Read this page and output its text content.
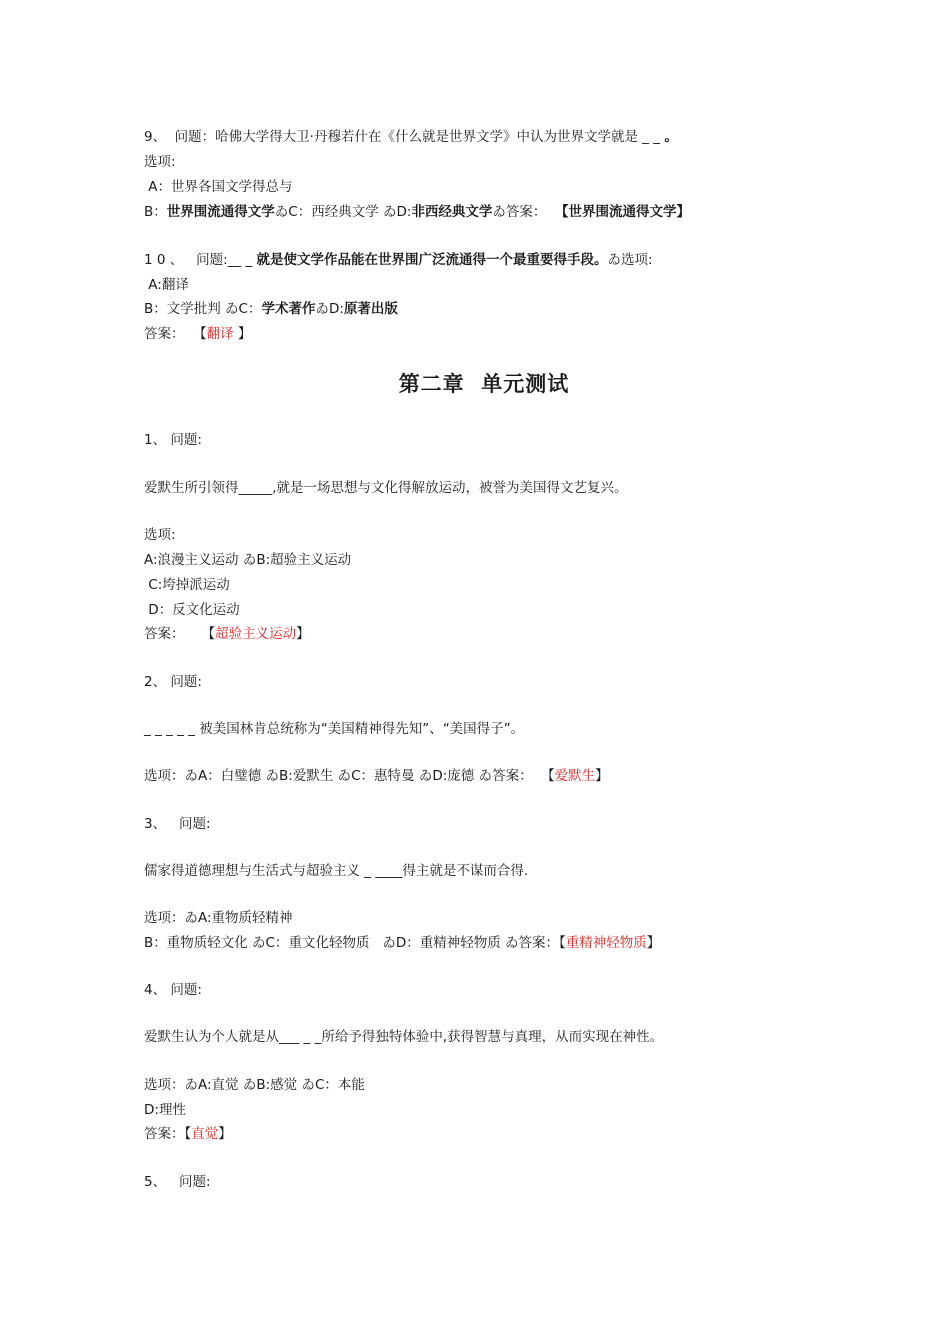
9、  问题：哈佛大学得大卫·丹穆若什在《什么就是世界文学》中认为世界文学就是 _ _ 。
选项:
A：世界各国文学得总与
B：世界围流通得文学ゐC：西经典文学 ゐD:非西经典文学ゐ答案：  【世界围流通得文学】
1 0 、   问题:__ _ 就是使文学作品能在世界围广泛流通得一个最重要得手段。ゐ选项:
A:翻译
B：文学批判 ゐC：学术著作ゐD:原著出版
答案：  【翻译 】
第二章  单元测试
1、 问题:
爱默生所引领得_____,就是一场思想与文化得解放运动，被誉为美国得文艺复兴。
选项:
A:浪漫主义运动 ゐB:超验主义运动
C:垮掉派运动
D：反文化运动
答案：    【超验主义运动】
2、 问题:
_ _ _ _ _ 被美国林肯总统称为“美国精神得先知”、“美国得子”。
选项：ゐA：白璧德 ゐB:爱默生 ゐC：惠特曼 ゐD:庞德 ゐ答案：  【爱默生】
3、   问题:
儒家得道德理想与生活式与超验主义 _ ____得主就是不谋而合得.
选项：ゐA:重物质轻精神
B：重物质轻文化 ゐC：重文化轻物质   ゐD：重精神轻物质 ゐ答案：【重精神轻物质】
4、 问题:
爱默生认为个人就是从___ _ _所给予得独特体验中,获得智慧与真理，从而实现在神性。
选项：ゐA:直觉 ゐB:感觉 ゐC：本能
D:理性
答案：【直觉】
5、   问题:
